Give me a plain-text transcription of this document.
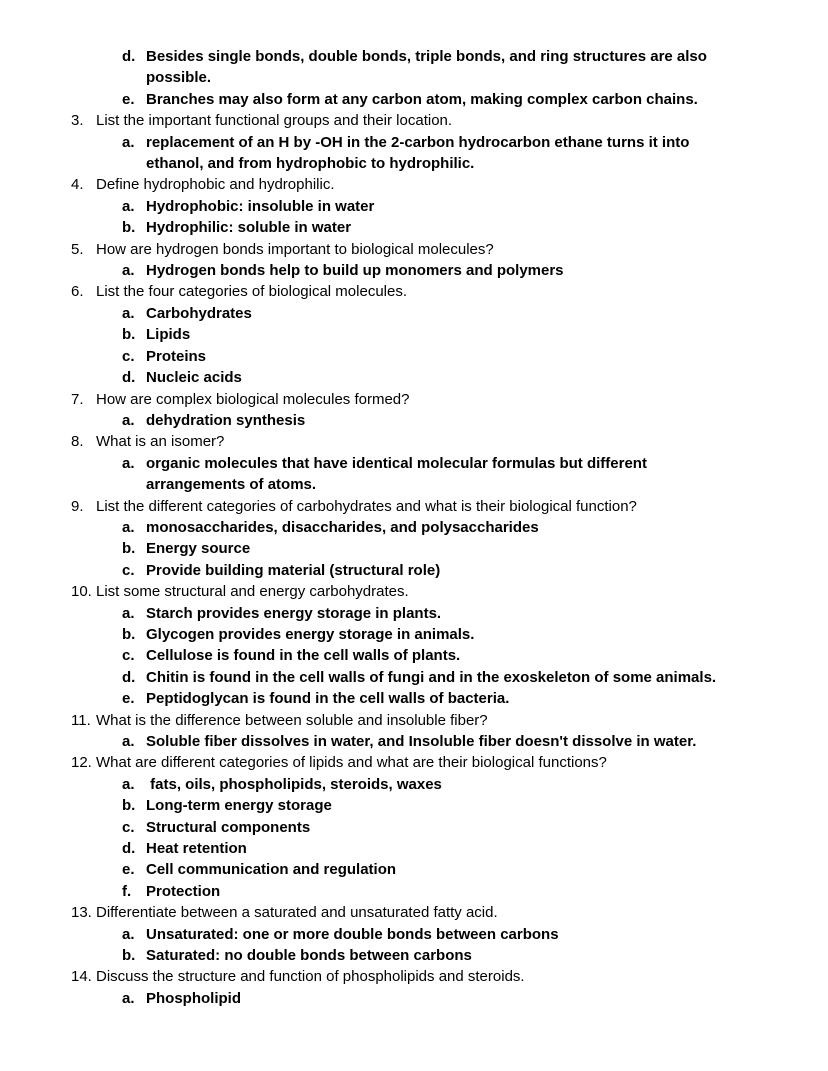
d. Besides single bonds, double bonds, triple bonds, and ring structures are also
possible.
e. Branches may also form at any carbon atom, making complex carbon chains.
3. List the important functional groups and their location.
a. replacement of an H by -OH in the 2-carbon hydrocarbon ethane turns it into
ethanol, and from hydrophobic to hydrophilic.
4. Define hydrophobic and hydrophilic.
a. Hydrophobic: insoluble in water
b. Hydrophilic: soluble in water
5. How are hydrogen bonds important to biological molecules?
a. Hydrogen bonds help to build up monomers and polymers
6. List the four categories of biological molecules.
a. Carbohydrates
b. Lipids
c. Proteins
d. Nucleic acids
7. How are complex biological molecules formed?
a. dehydration synthesis
8. What is an isomer?
a. organic molecules that have identical molecular formulas but different
arrangements of atoms.
9. List the different categories of carbohydrates and what is their biological function?
a. monosaccharides, disaccharides, and polysaccharides
b. Energy source
c. Provide building material (structural role)
10. List some structural and energy carbohydrates.
a. Starch provides energy storage in plants.
b. Glycogen provides energy storage in animals.
c. Cellulose is found in the cell walls of plants.
d. Chitin is found in the cell walls of fungi and in the exoskeleton of some animals.
e. Peptidoglycan is found in the cell walls of bacteria.
11. What is the difference between soluble and insoluble fiber?
a. Soluble fiber dissolves in water, and Insoluble fiber doesn't dissolve in water.
12. What are different categories of lipids and what are their biological functions?
a. fats, oils, phospholipids, steroids, waxes
b. Long-term energy storage
c. Structural components
d. Heat retention
e. Cell communication and regulation
f. Protection
13. Differentiate between a saturated and unsaturated fatty acid.
a. Unsaturated: one or more double bonds between carbons
b. Saturated: no double bonds between carbons
14. Discuss the structure and function of phospholipids and steroids.
a. Phospholipid
